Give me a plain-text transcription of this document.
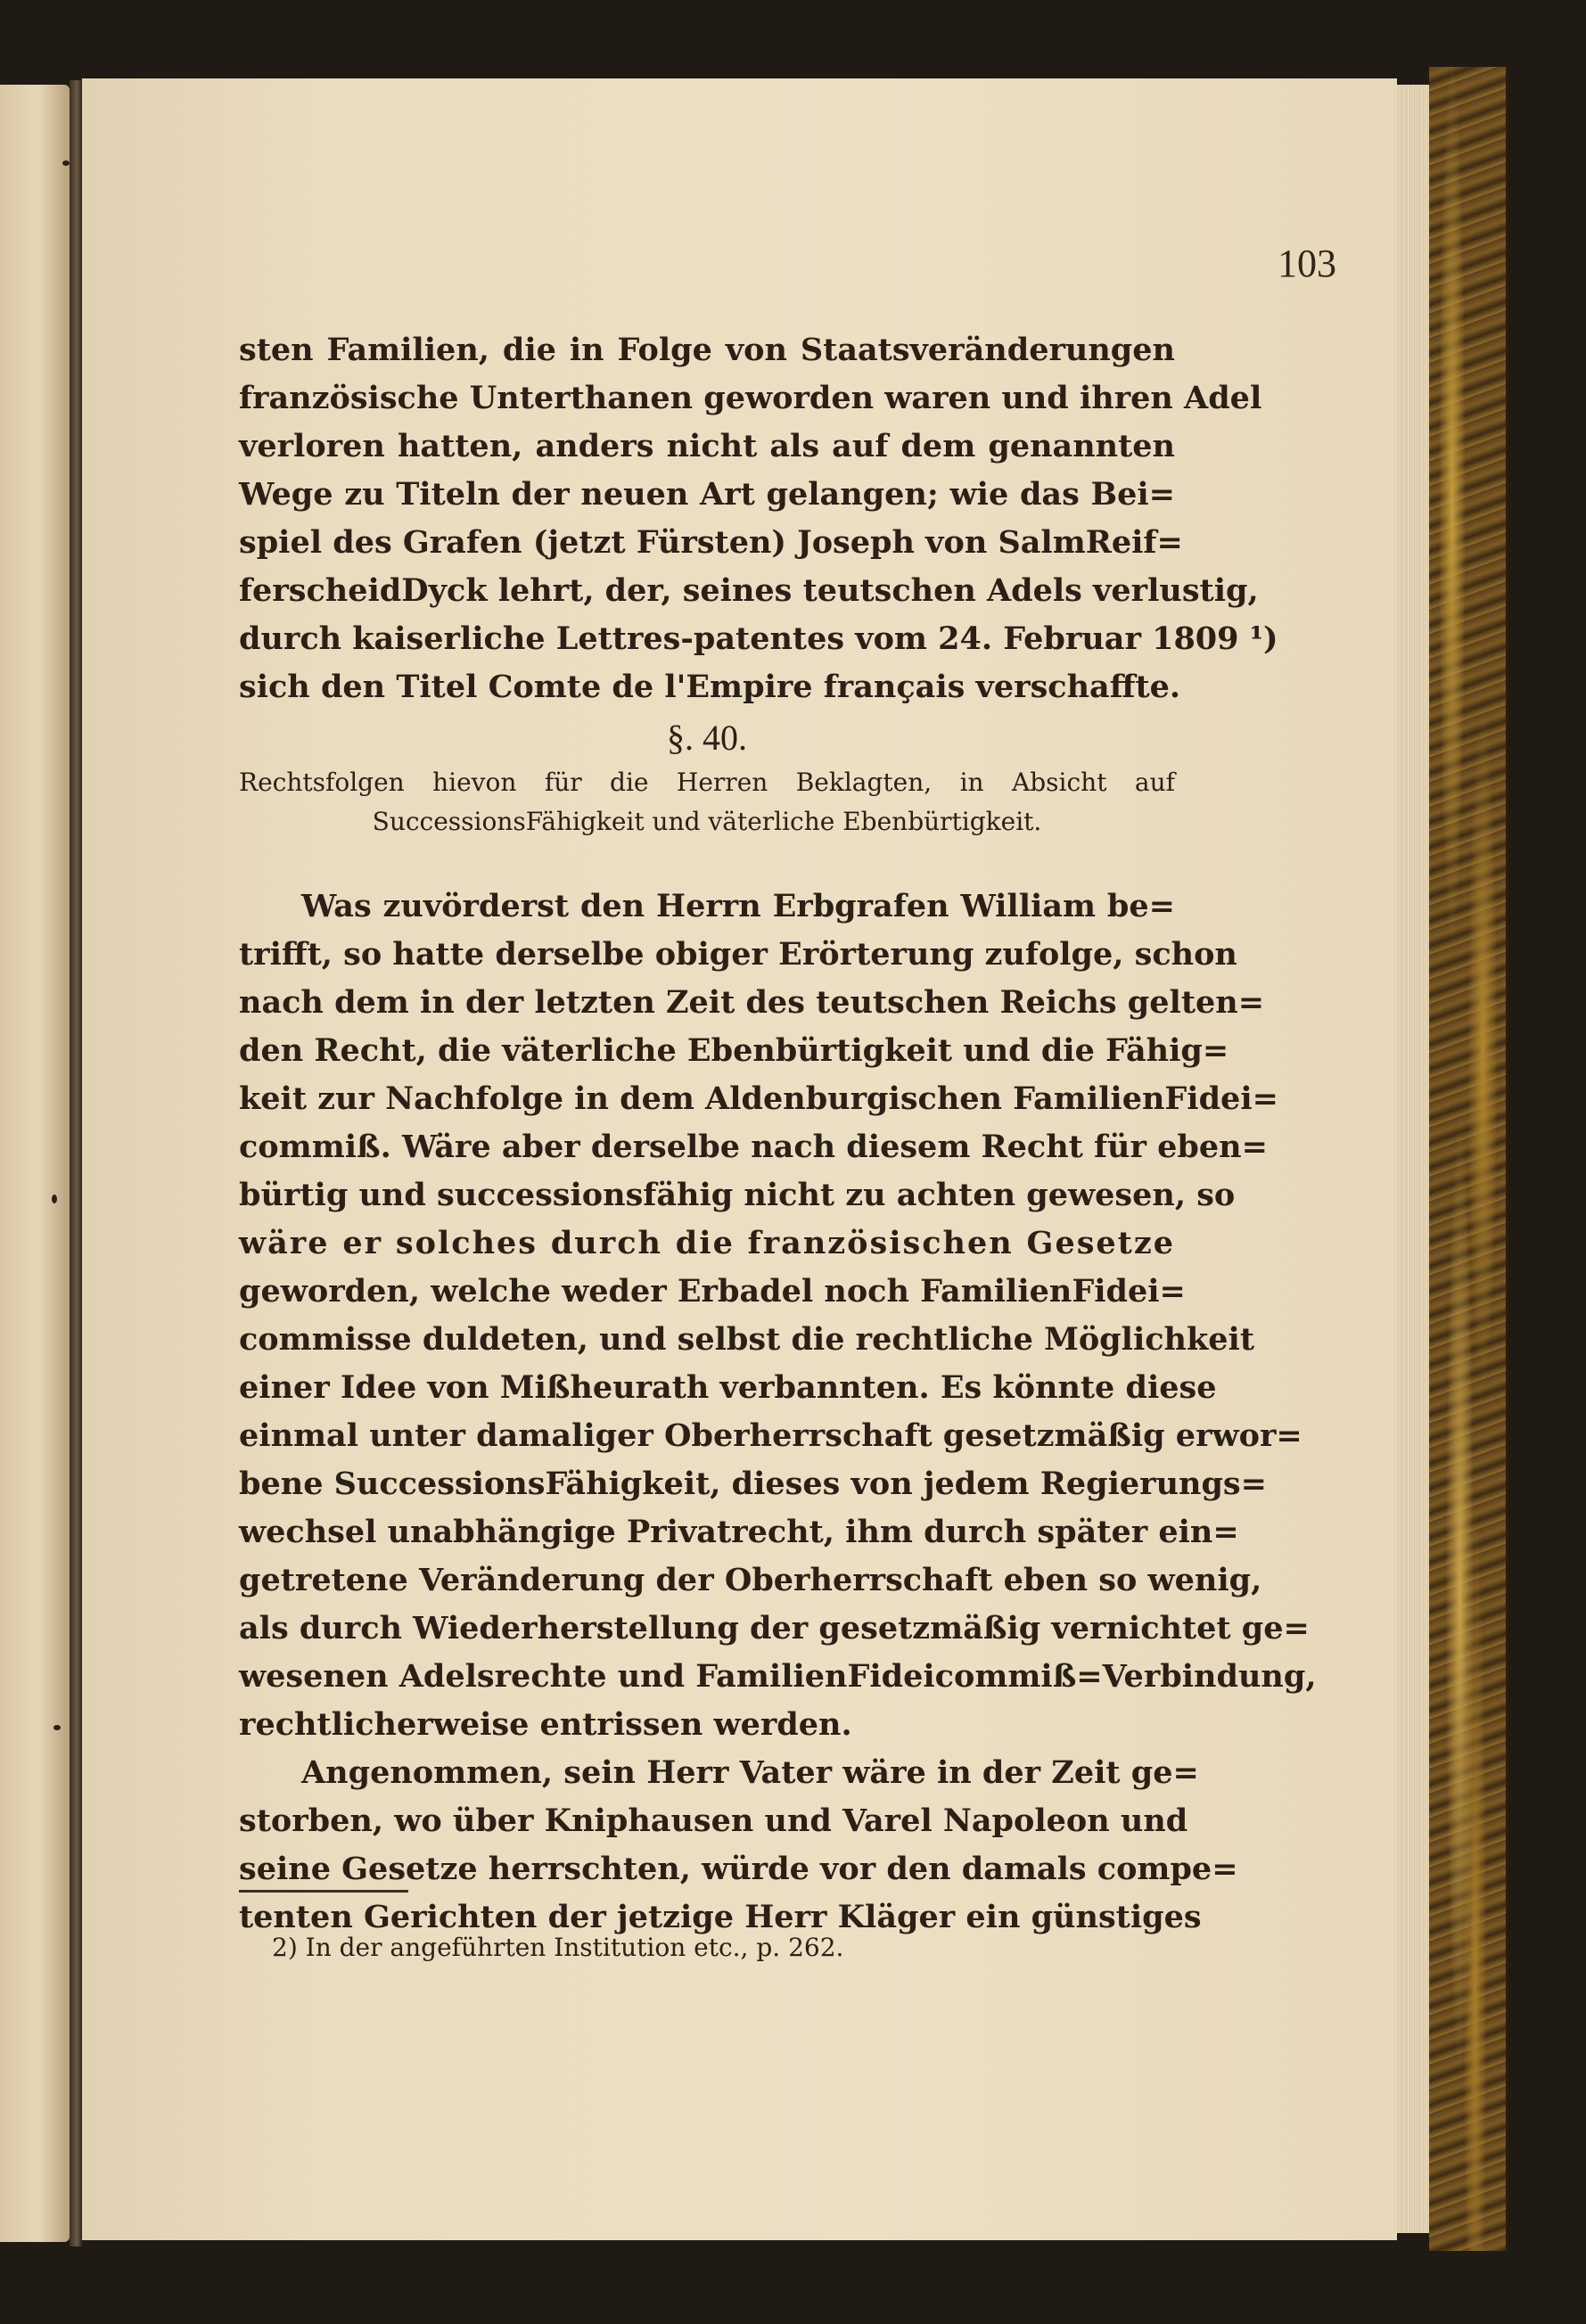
103
sten Familien, die in Folge von Staatsveränderungen
französische Unterthanen geworden waren und ihren Adel
verloren hatten, anders nicht als auf dem genannten
Wege zu Titeln der neuen Art gelangen; wie das Bei=
spiel des Grafen (jetzt Fürsten) Joseph von SalmReif=
ferscheidDyck lehrt, der, seines teutschen Adels verlustig,
durch kaiserliche Lettres-patentes vom 24. Februar 1809 ¹)
sich den Titel Comte de l'Empire français verschaffte.
§. 40.
Rechtsfolgen hievon für die Herren Beklagten, in Absicht auf
SuccessionsFähigkeit und väterliche Ebenbürtigkeit.
Was zuvörderst den Herrn Erbgrafen William be=
trifft, so hatte derselbe obiger Erörterung zufolge, schon
nach dem in der letzten Zeit des teutschen Reichs gelten=
den Recht, die väterliche Ebenbürtigkeit und die Fähig=
keit zur Nachfolge in dem Aldenburgischen FamilienFidei=
commiß. Wäre aber derselbe nach diesem Recht für eben=
bürtig und successionsfähig nicht zu achten gewesen, so
wäre er solches durch die französischen Gesetze
geworden, welche weder Erbadel noch FamilienFidei=
commisse duldeten, und selbst die rechtliche Möglichkeit
einer Idee von Mißheurath verbannten. Es könnte diese
einmal unter damaliger Oberherrschaft gesetzmäßig erwor=
bene SuccessionsFähigkeit, dieses von jedem Regierungs=
wechsel unabhängige Privatrecht, ihm durch später ein=
getretene Veränderung der Oberherrschaft eben so wenig,
als durch Wiederherstellung der gesetzmäßig vernichtet ge=
wesenen Adelsrechte und FamilienFideicommiß=Verbindung,
rechtlicherweise entrissen werden.
Angenommen, sein Herr Vater wäre in der Zeit ge=
storben, wo über Kniphausen und Varel Napoleon und
seine Gesetze herrschten, würde vor den damals compe=
tenten Gerichten der jetzige Herr Kläger ein günstiges
2) In der angeführten Institution etc., p. 262.
